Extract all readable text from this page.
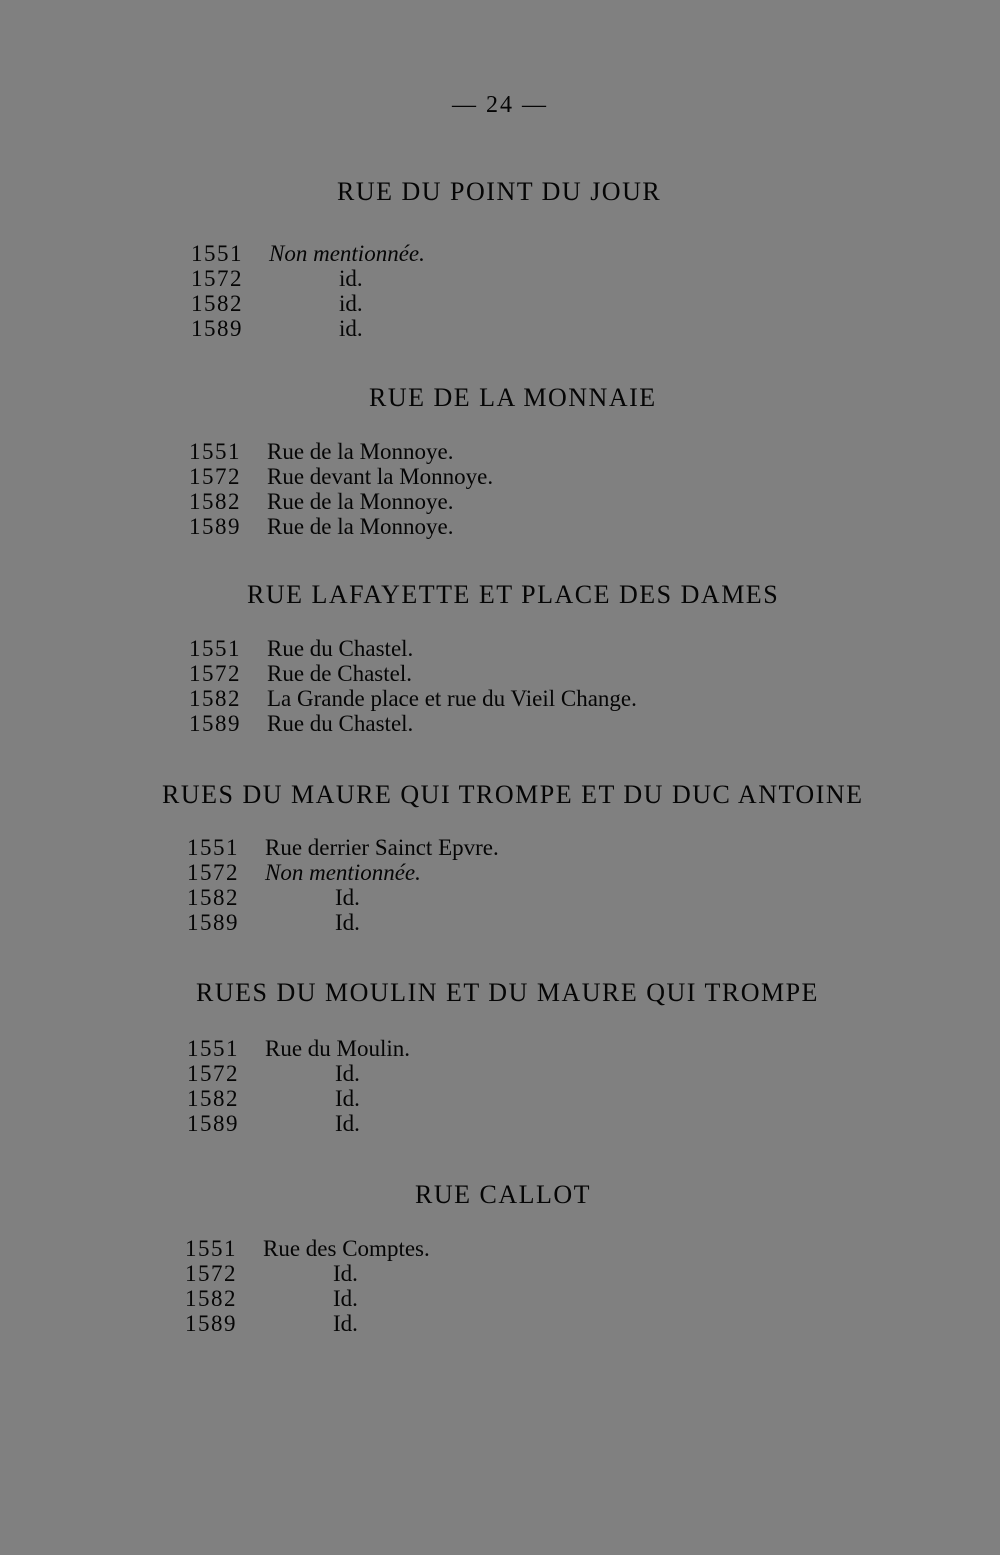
— 24 —
RUE DU POINT DU JOUR
1551	Non mentionnée.
1572	id.
1582	id.
1589	id.
RUE DE LA MONNAIE
1551	Rue de la Monnoye.
1572	Rue devant la Monnoye.
1582	Rue de la Monnoye.
1589	Rue de la Monnoye.
RUE LAFAYETTE ET PLACE DES DAMES
1551	Rue du Chastel.
1572	Rue de Chastel.
1582	La Grande place et rue du Vieil Change.
1589	Rue du Chastel.
RUES DU MAURE QUI TROMPE ET DU DUC ANTOINE
1551	Rue derrier Sainct Epvre.
1572	Non mentionnée.
1582	Id.
1589	Id.
RUES DU MOULIN ET DU MAURE QUI TROMPE
1551	Rue du Moulin.
1572	Id.
1582	Id.
1589	Id.
RUE CALLOT
1551	Rue des Comptes.
1572	Id.
1582	Id.
1589	Id.
